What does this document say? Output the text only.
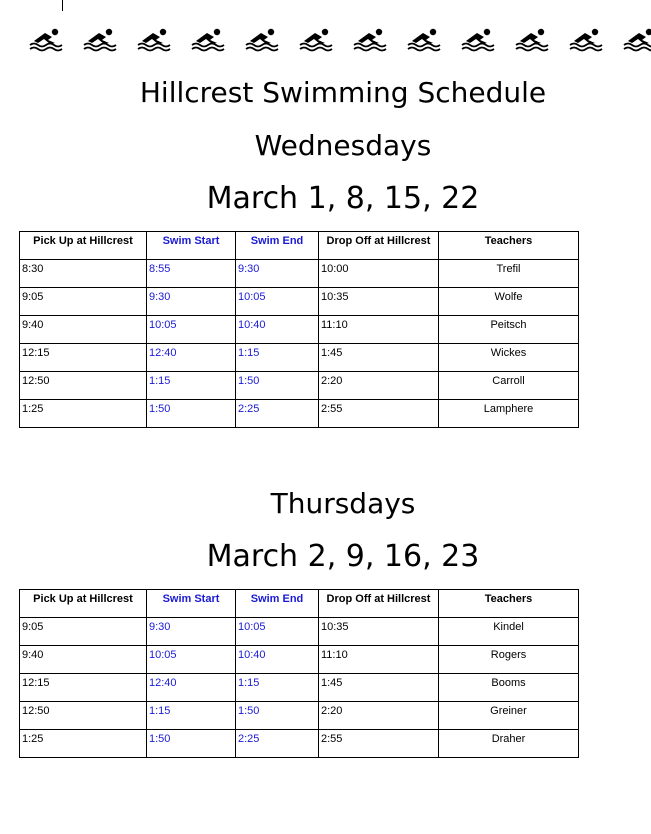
Hillcrest Swimming Schedule
Wednesdays
March 1, 8, 15, 22
Pick Up at Hillcrest	Swim Start	Swim End	Drop Off at Hillcrest	Teachers
8:30	8:55	9:30	10:00	Trefil
9:05	9:30	10:05	10:35	Wolfe
9:40	10:05	10:40	11:10	Peitsch
12:15	12:40	1:15	1:45	Wickes
12:50	1:15	1:50	2:20	Carroll
1:25	1:50	2:25	2:55	Lamphere
Thursdays
March 2, 9, 16, 23
Pick Up at Hillcrest	Swim Start	Swim End	Drop Off at Hillcrest	Teachers
9:05	9:30	10:05	10:35	Kindel
9:40	10:05	10:40	11:10	Rogers
12:15	12:40	1:15	1:45	Booms
12:50	1:15	1:50	2:20	Greiner
1:25	1:50	2:25	2:55	Draher
